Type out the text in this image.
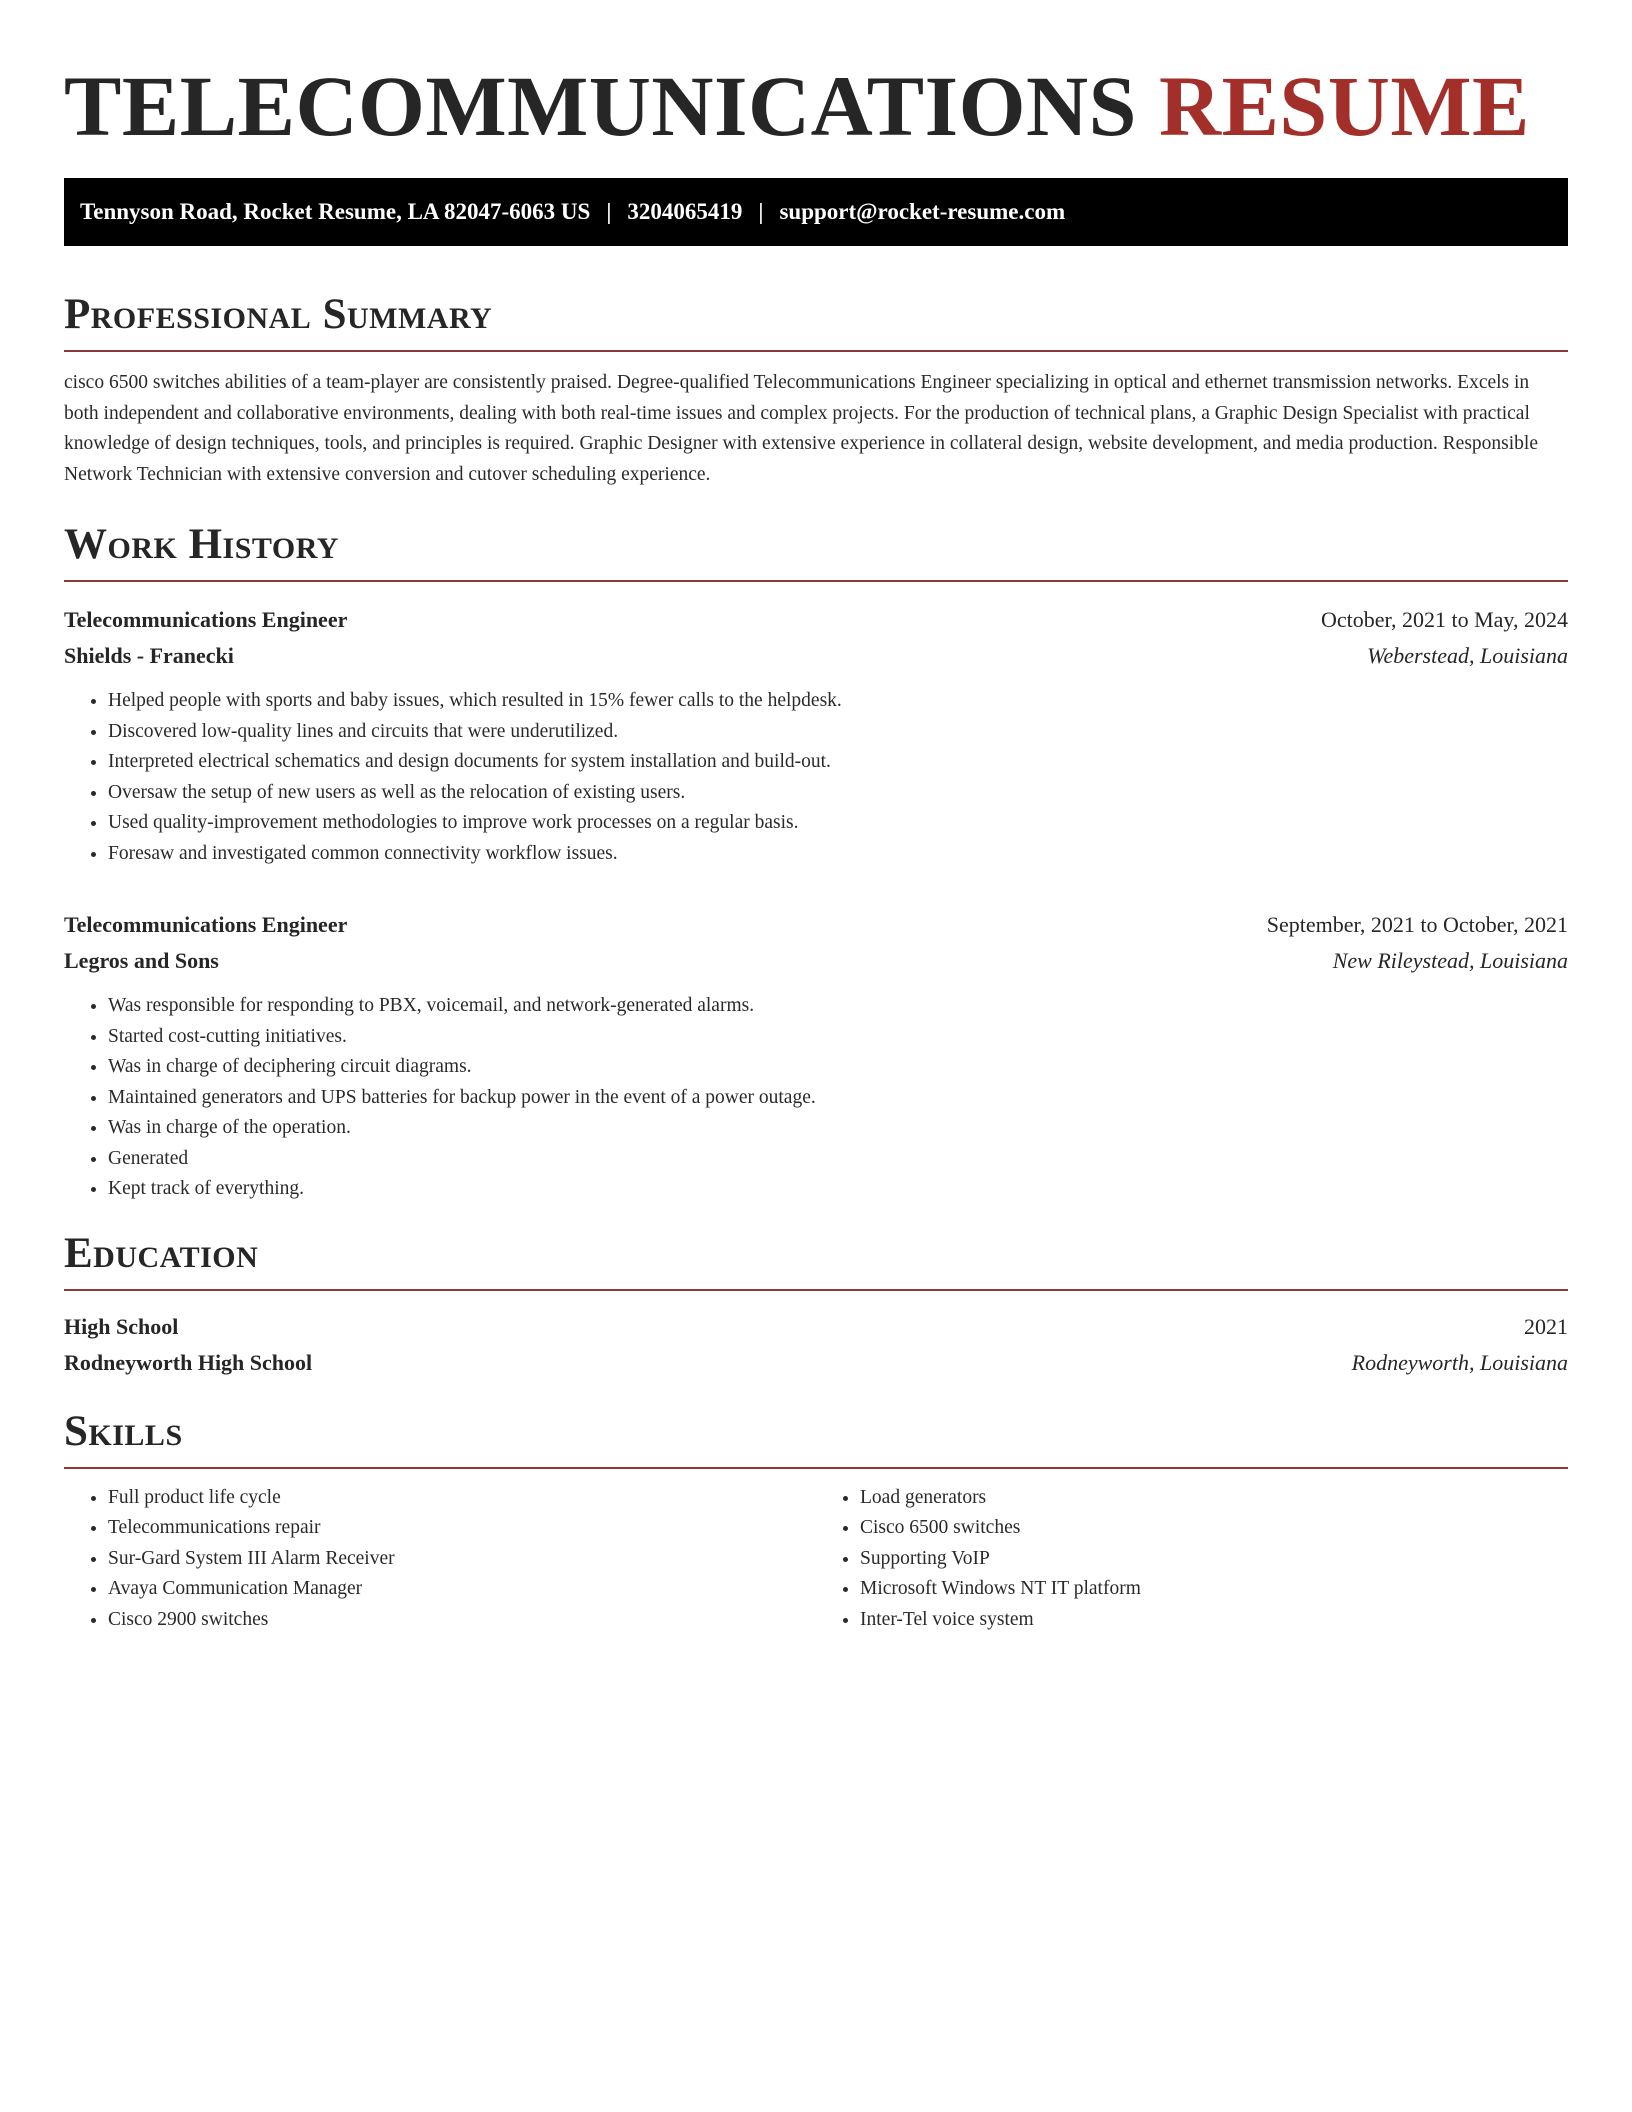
TELECOMMUNICATIONS RESUME
Tennyson Road, Rocket Resume, LA 82047-6063 US | 3204065419 | support@rocket-resume.com
Professional Summary
cisco 6500 switches abilities of a team-player are consistently praised. Degree-qualified Telecommunications Engineer specializing in optical and ethernet transmission networks. Excels in both independent and collaborative environments, dealing with both real-time issues and complex projects. For the production of technical plans, a Graphic Design Specialist with practical knowledge of design techniques, tools, and principles is required. Graphic Designer with extensive experience in collateral design, website development, and media production. Responsible Network Technician with extensive conversion and cutover scheduling experience.
Work History
Telecommunications Engineer	October, 2021 to May, 2024
Shields - Franecki	Weberstead, Louisiana
• Helped people with sports and baby issues, which resulted in 15% fewer calls to the helpdesk.
• Discovered low-quality lines and circuits that were underutilized.
• Interpreted electrical schematics and design documents for system installation and build-out.
• Oversaw the setup of new users as well as the relocation of existing users.
• Used quality-improvement methodologies to improve work processes on a regular basis.
• Foresaw and investigated common connectivity workflow issues.
Telecommunications Engineer	September, 2021 to October, 2021
Legros and Sons	New Rileystead, Louisiana
• Was responsible for responding to PBX, voicemail, and network-generated alarms.
• Started cost-cutting initiatives.
• Was in charge of deciphering circuit diagrams.
• Maintained generators and UPS batteries for backup power in the event of a power outage.
• Was in charge of the operation.
• Generated
• Kept track of everything.
Education
High School	2021
Rodneyworth High School	Rodneyworth, Louisiana
Skills
• Full product life cycle
• Telecommunications repair
• Sur-Gard System III Alarm Receiver
• Avaya Communication Manager
• Cisco 2900 switches
• Load generators
• Cisco 6500 switches
• Supporting VoIP
• Microsoft Windows NT IT platform
• Inter-Tel voice system
